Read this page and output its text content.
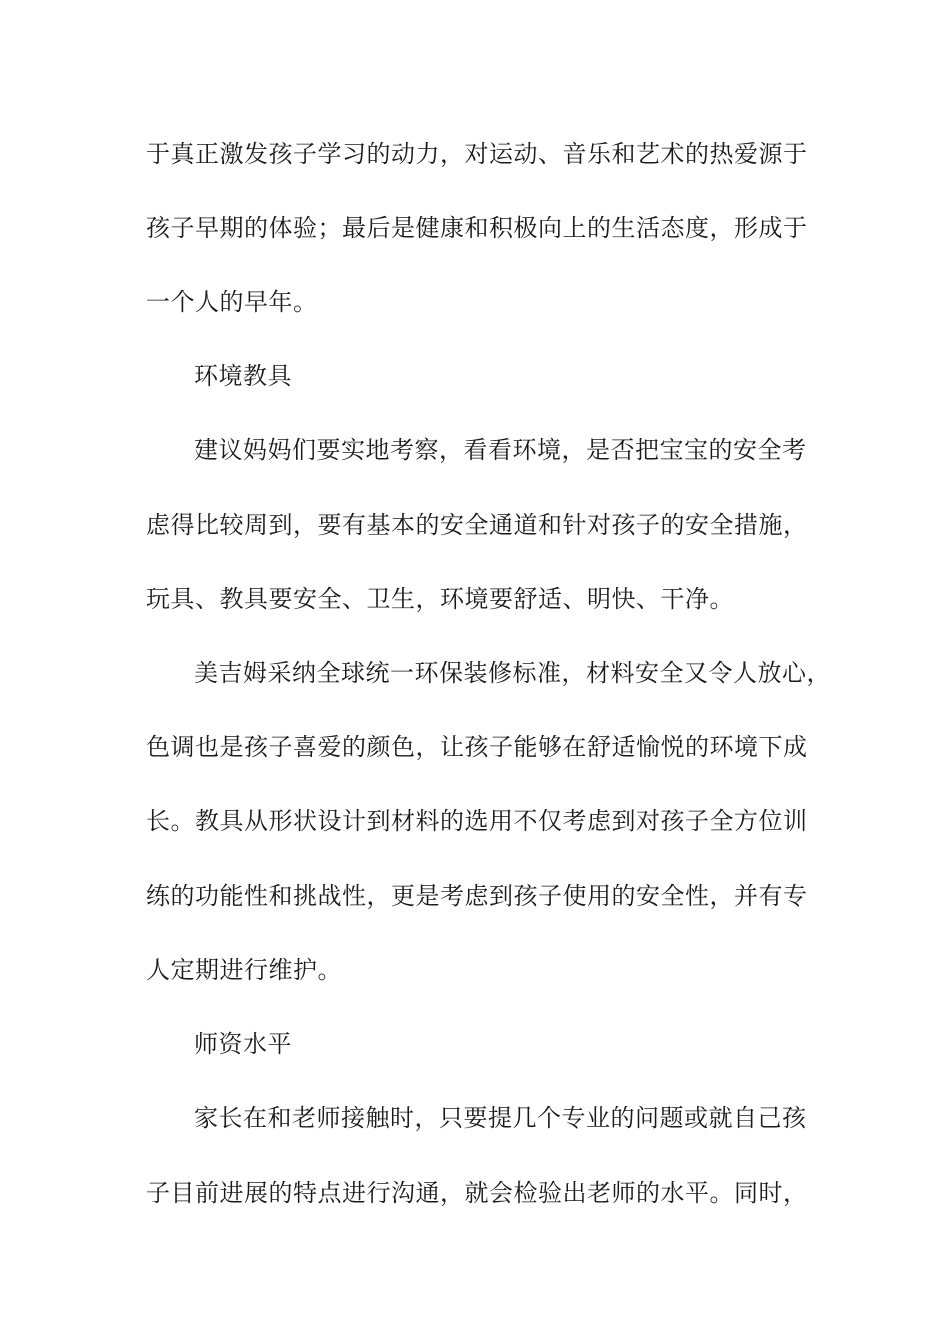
于真正激发孩子学习的动力，对运动、音乐和艺术的热爱源于
孩子早期的体验；最后是健康和积极向上的生活态度，形成于
一个人的早年。
环境教具
建议妈妈们要实地考察，看看环境，是否把宝宝的安全考
虑得比较周到，要有基本的安全通道和针对孩子的安全措施，
玩具、教具要安全、卫生，环境要舒适、明快、干净。
美吉姆采纳全球统一环保装修标准，材料安全又令人放心，
色调也是孩子喜爱的颜色，让孩子能够在舒适愉悦的环境下成
长。教具从形状设计到材料的选用不仅考虑到对孩子全方位训
练的功能性和挑战性，更是考虑到孩子使用的安全性，并有专
人定期进行维护。
师资水平
家长在和老师接触时，只要提几个专业的问题或就自己孩
子目前进展的特点进行沟通，就会检验出老师的水平。同时，
